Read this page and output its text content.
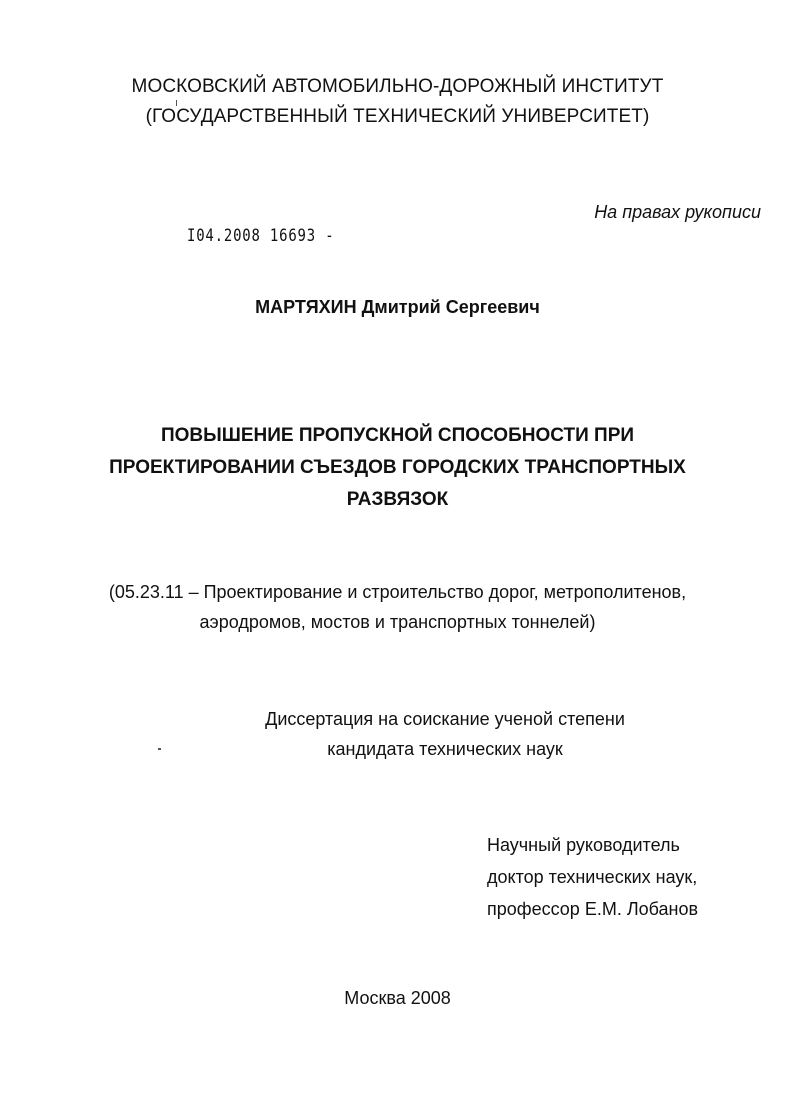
МОСКОВСКИЙ АВТОМОБИЛЬНО-ДОРОЖНЫЙ ИНСТИТУТ
(ГОСУДАРСТВЕННЫЙ ТЕХНИЧЕСКИЙ УНИВЕРСИТЕТ)
На правах рукописи
I04.2008 16693 -
МАРТЯХИН Дмитрий Сергеевич
ПОВЫШЕНИЕ ПРОПУСКНОЙ СПОСОБНОСТИ ПРИ
ПРОЕКТИРОВАНИИ СЪЕЗДОВ ГОРОДСКИХ ТРАНСПОРТНЫХ
РАЗВЯЗОК
(05.23.11 – Проектирование и строительство дорог, метрополитенов,
аэродромов, мостов и транспортных тоннелей)
Диссертация на соискание ученой степени
кандидата технических наук
Научный руководитель
доктор технических наук,
профессор Е.М. Лобанов
Москва 2008
